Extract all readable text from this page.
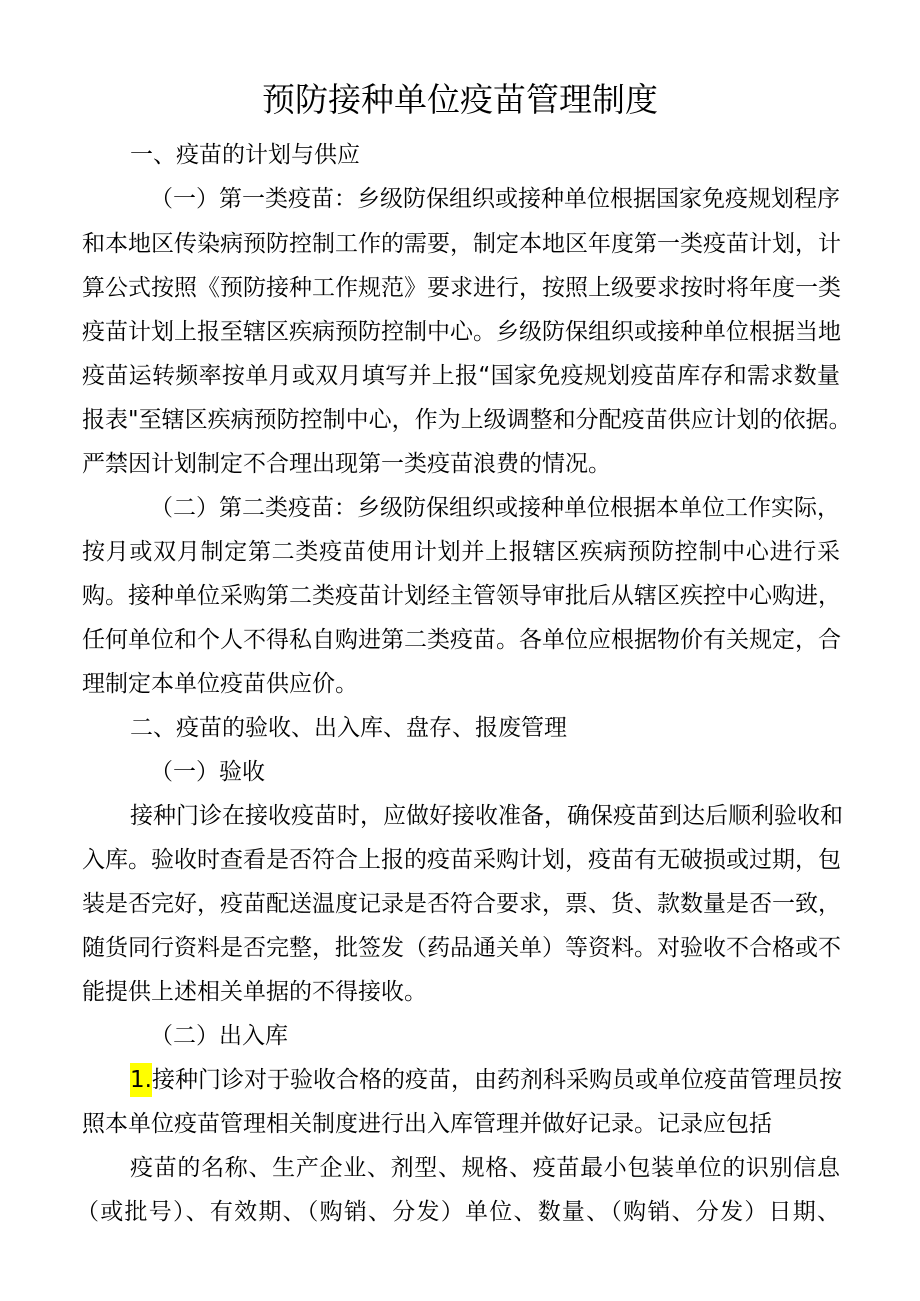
预防接种单位疫苗管理制度
一、疫苗的计划与供应
（一）第一类疫苗：乡级防保组织或接种单位根据国家免疫规划程序
和本地区传染病预防控制工作的需要，制定本地区年度第一类疫苗计划，计
算公式按照《预防接种工作规范》要求进行，按照上级要求按时将年度一类
疫苗计划上报至辖区疾病预防控制中心。乡级防保组织或接种单位根据当地
疫苗运转频率按单月或双月填写并上报“国家免疫规划疫苗库存和需求数量
报表"至辖区疾病预防控制中心，作为上级调整和分配疫苗供应计划的依据。
严禁因计划制定不合理出现第一类疫苗浪费的情况。
（二）第二类疫苗：乡级防保组织或接种单位根据本单位工作实际，
按月或双月制定第二类疫苗使用计划并上报辖区疾病预防控制中心进行采
购。接种单位采购第二类疫苗计划经主管领导审批后从辖区疾控中心购进，
任何单位和个人不得私自购进第二类疫苗。各单位应根据物价有关规定，合
理制定本单位疫苗供应价。
二、疫苗的验收、出入库、盘存、报废管理
（一）验收
接种门诊在接收疫苗时，应做好接收准备，确保疫苗到达后顺利验收和
入库。验收时查看是否符合上报的疫苗采购计划，疫苗有无破损或过期，包
装是否完好，疫苗配送温度记录是否符合要求，票、货、款数量是否一致，
随货同行资料是否完整，批签发（药品通关单）等资料。对验收不合格或不
能提供上述相关单据的不得接收。
（二）出入库
1. 接种门诊对于验收合格的疫苗，由药剂科采购员或单位疫苗管理员按
照本单位疫苗管理相关制度进行出入库管理并做好记录。记录应包括
疫苗的名称、生产企业、剂型、规格、疫苗最小包装单位的识别信息
（或批号）、有效期、（购销、分发）单位、数量、（购销、分发）日期、
